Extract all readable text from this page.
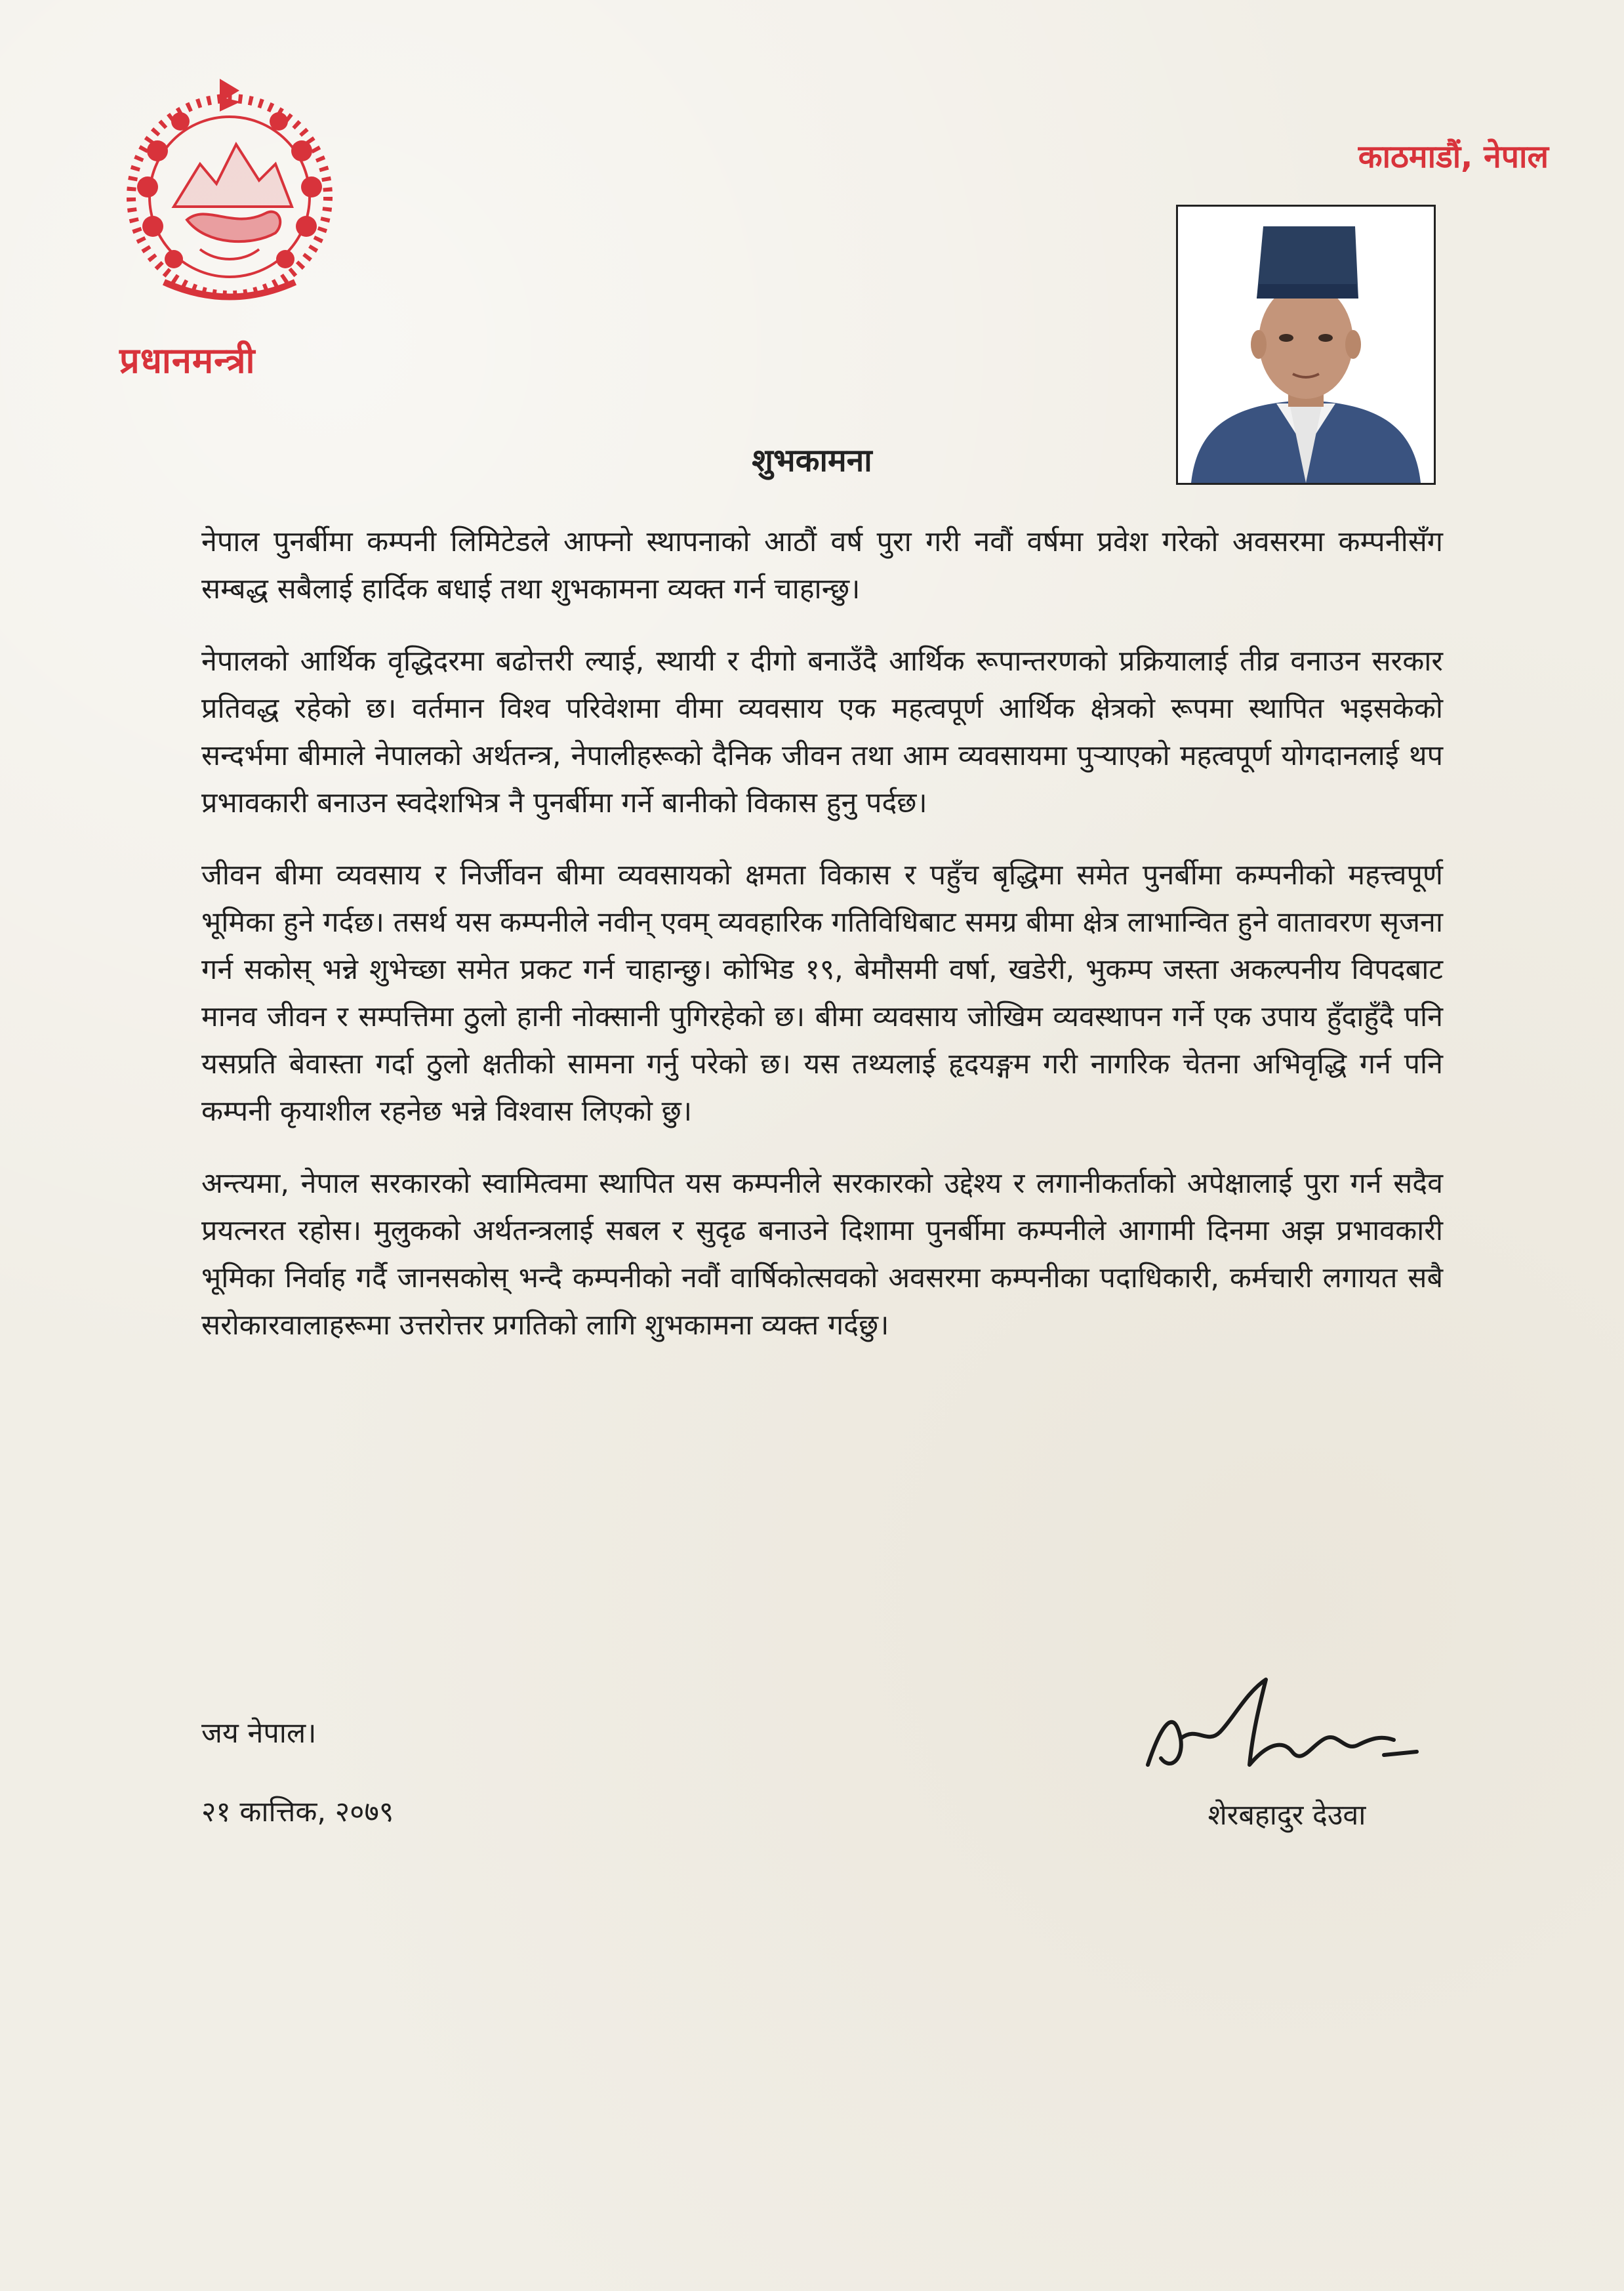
प्रधानमन्त्री
काठमाडौं, नेपाल
शुभकामना

नेपाल पुनर्बीमा कम्पनी लिमिटेडले आफ्नो स्थापनाको आठौं वर्ष पुरा गरी नवौं वर्षमा प्रवेश गरेको अवसरमा कम्पनीसँग सम्बद्ध सबैलाई हार्दिक बधाई तथा शुभकामना व्यक्त गर्न चाहान्छु।

नेपालको आर्थिक वृद्धिदरमा बढोत्तरी ल्याई, स्थायी र दीगो बनाउँदै आर्थिक रूपान्तरणको प्रक्रियालाई तीव्र वनाउन सरकार प्रतिवद्ध रहेको छ। वर्तमान विश्व परिवेशमा वीमा व्यवसाय एक महत्वपूर्ण आर्थिक क्षेत्रको रूपमा स्थापित भइसकेको सन्दर्भमा बीमाले नेपालको अर्थतन्त्र, नेपालीहरूको दैनिक जीवन तथा आम व्यवसायमा पुऱ्याएको महत्वपूर्ण योगदानलाई थप प्रभावकारी बनाउन स्वदेशभित्र नै पुनर्बीमा गर्ने बानीको विकास हुनु पर्दछ।

जीवन बीमा व्यवसाय र निर्जीवन बीमा व्यवसायको क्षमता विकास र पहुँच बृद्धिमा समेत पुनर्बीमा कम्पनीको महत्त्वपूर्ण भूमिका हुने गर्दछ। तसर्थ यस कम्पनीले नवीन् एवम् व्यवहारिक गतिविधिबाट समग्र बीमा क्षेत्र लाभान्वित हुने वातावरण सृजना गर्न सकोस् भन्ने शुभेच्छा समेत प्रकट गर्न चाहान्छु। कोभिड १९, बेमौसमी वर्षा, खडेरी, भुकम्प जस्ता अकल्पनीय विपदबाट मानव जीवन र सम्पत्तिमा ठुलो हानी नोक्सानी पुगिरहेको छ। बीमा व्यवसाय जोखिम व्यवस्थापन गर्ने एक उपाय हुँदाहुँदै पनि यसप्रति बेवास्ता गर्दा ठुलो क्षतीको सामना गर्नु परेको छ। यस तथ्यलाई हृदयङ्गम गरी नागरिक चेतना अभिवृद्धि गर्न पनि कम्पनी कृयाशील रहनेछ भन्ने विश्वास लिएको छु।

अन्त्यमा, नेपाल सरकारको स्वामित्वमा स्थापित यस कम्पनीले सरकारको उद्देश्य र लगानीकर्ताको अपेक्षालाई पुरा गर्न सदैव प्रयत्नरत रहोस। मुलुकको अर्थतन्त्रलाई सबल र सुदृढ बनाउने दिशामा पुनर्बीमा कम्पनीले आगामी दिनमा अझ प्रभावकारी भूमिका निर्वाह गर्दै जानसकोस् भन्दै कम्पनीको नवौं वार्षिकोत्सवको अवसरमा कम्पनीका पदाधिकारी, कर्मचारी लगायत सबै सरोकारवालाहरूमा उत्तरोत्तर प्रगतिको लागि शुभकामना व्यक्त गर्दछु।

जय नेपाल।
२१ कात्तिक, २०७९	शेरबहादुर देउवा
